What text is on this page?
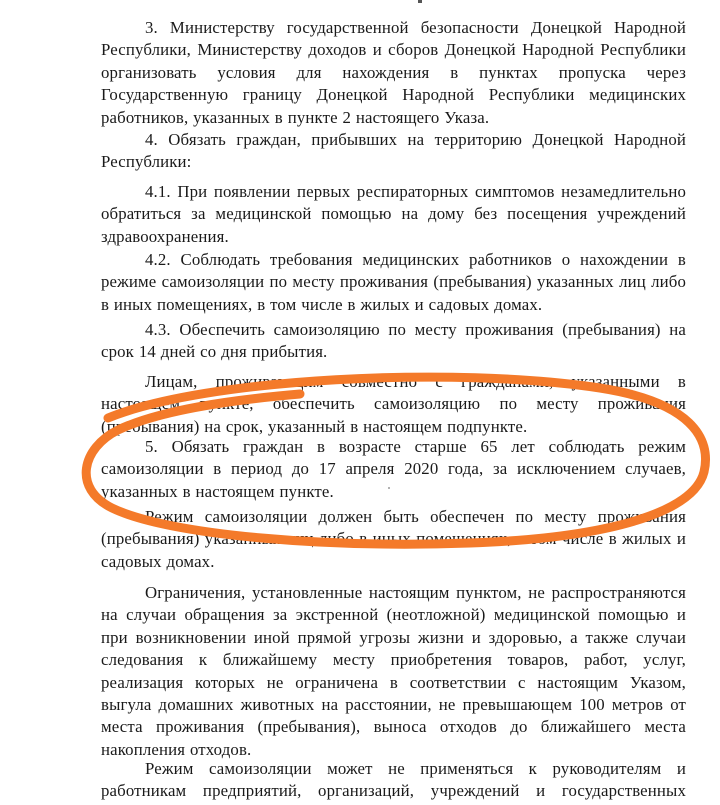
3. Министерству государственной безопасности Донецкой Народной Республики, Министерству доходов и сборов Донецкой Народной Республики организовать условия для нахождения в пунктах пропуска через Государственную границу Донецкой Народной Республики медицинских работников, указанных в пункте 2 настоящего Указа.

4. Обязать граждан, прибывших на территорию Донецкой Народной Республики:

4.1. При появлении первых респираторных симптомов незамедлительно обратиться за медицинской помощью на дому без посещения учреждений здравоохранения.

4.2. Соблюдать требования медицинских работников о нахождении в режиме самоизоляции по месту проживания (пребывания) указанных лиц либо в иных помещениях, в том числе в жилых и садовых домах.

4.3. Обеспечить самоизоляцию по месту проживания (пребывания) на срок 14 дней со дня прибытия.

Лицам, проживающим совместно с гражданами, указанными в настоящем пункте, обеспечить самоизоляцию по месту проживания (пребывания) на срок, указанный в настоящем подпункте.

5. Обязать граждан в возрасте старше 65 лет соблюдать режим самоизоляции в период до 17 апреля 2020 года, за исключением случаев, указанных в настоящем пункте.

Режим самоизоляции должен быть обеспечен по месту проживания (пребывания) указанных лиц либо в иных помещениях, в том числе в жилых и садовых домах.

Ограничения, установленные настоящим пунктом, не распространяются на случаи обращения за экстренной (неотложной) медицинской помощью и при возникновении иной прямой угрозы жизни и здоровью, а также случаи следования к ближайшему месту приобретения товаров, работ, услуг, реализация которых не ограничена в соответствии с настоящим Указом, выгула домашних животных на расстоянии, не превышающем 100 метров от места проживания (пребывания), выноса отходов до ближайшего места накопления отходов.

Режим самоизоляции может не применяться к руководителям и работникам предприятий, организаций, учреждений и государственных
